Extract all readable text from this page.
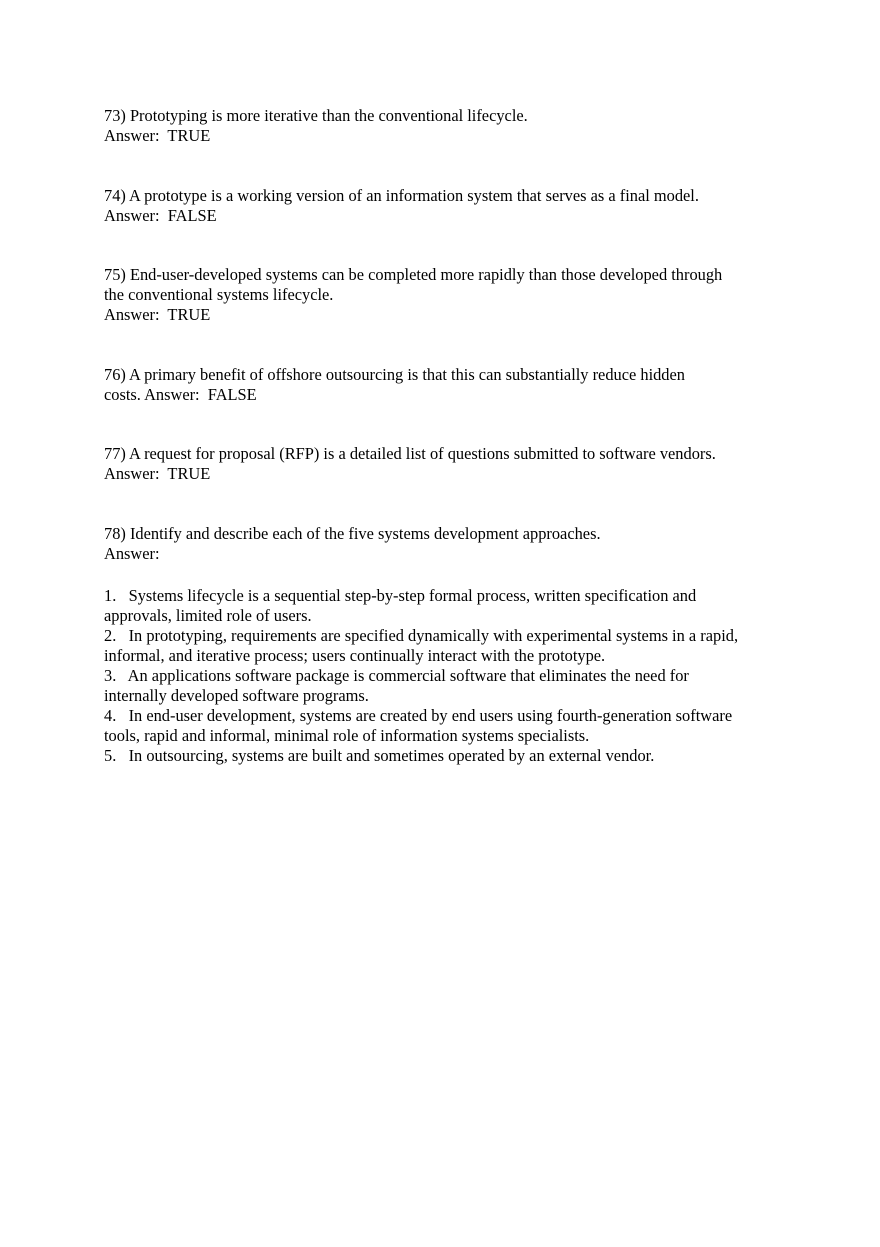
73) Prototyping is more iterative than the conventional lifecycle.
Answer:  TRUE
74) A prototype is a working version of an information system that serves as a final model.
Answer:  FALSE
75) End-user-developed systems can be completed more rapidly than those developed through
the conventional systems lifecycle.
Answer:  TRUE
76) A primary benefit of offshore outsourcing is that this can substantially reduce hidden
costs. Answer:  FALSE
77) A request for proposal (RFP) is a detailed list of questions submitted to software vendors.
Answer:  TRUE
78) Identify and describe each of the five systems development approaches.
Answer:
1.   Systems lifecycle is a sequential step-by-step formal process, written specification and
approvals, limited role of users.
2.   In prototyping, requirements are specified dynamically with experimental systems in a rapid,
informal, and iterative process; users continually interact with the prototype.
3.   An applications software package is commercial software that eliminates the need for
internally developed software programs.
4.   In end-user development, systems are created by end users using fourth-generation software
tools, rapid and informal, minimal role of information systems specialists.
5.   In outsourcing, systems are built and sometimes operated by an external vendor.
